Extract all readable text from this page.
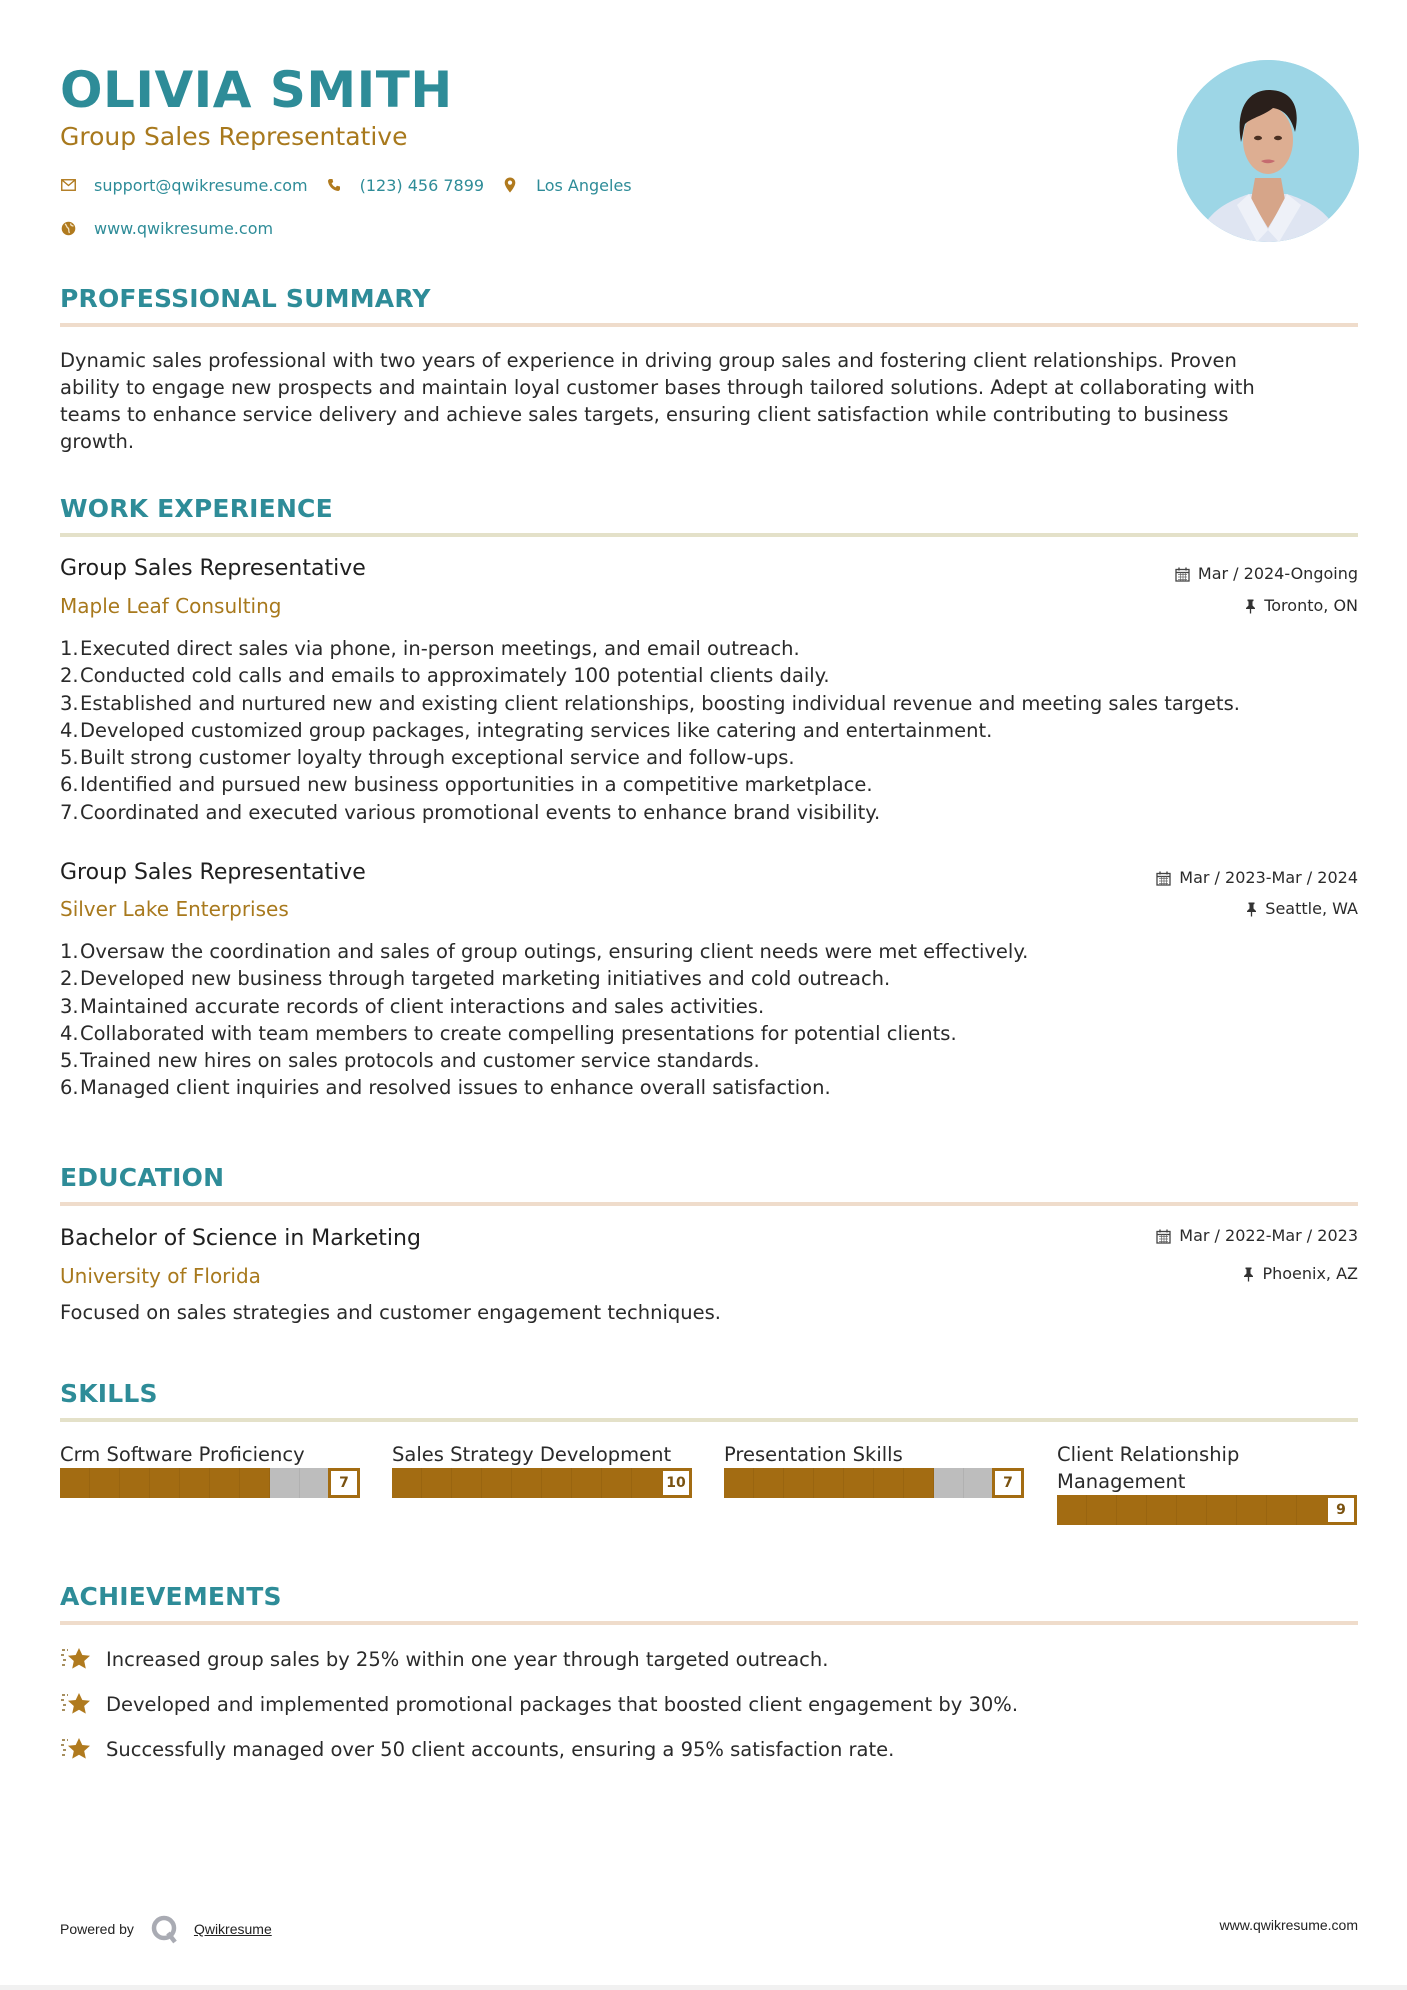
OLIVIA SMITH
Group Sales Representative
support@qwikresume.com	(123) 456 7899	Los Angeles
www.qwikresume.com
PROFESSIONAL SUMMARY
Dynamic sales professional with two years of experience in driving group sales and fostering client relationships. Proven
ability to engage new prospects and maintain loyal customer bases through tailored solutions. Adept at collaborating with
teams to enhance service delivery and achieve sales targets, ensuring client satisfaction while contributing to business
growth.
WORK EXPERIENCE
Group Sales Representative
Maple Leaf Consulting
Mar / 2024-Ongoing
Toronto, ON
1. Executed direct sales via phone, in-person meetings, and email outreach.
2. Conducted cold calls and emails to approximately 100 potential clients daily.
3. Established and nurtured new and existing client relationships, boosting individual revenue and meeting sales targets.
4. Developed customized group packages, integrating services like catering and entertainment.
5. Built strong customer loyalty through exceptional service and follow-ups.
6. Identified and pursued new business opportunities in a competitive marketplace.
7. Coordinated and executed various promotional events to enhance brand visibility.
Group Sales Representative
Silver Lake Enterprises
Mar / 2023-Mar / 2024
Seattle, WA
1. Oversaw the coordination and sales of group outings, ensuring client needs were met effectively.
2. Developed new business through targeted marketing initiatives and cold outreach.
3. Maintained accurate records of client interactions and sales activities.
4. Collaborated with team members to create compelling presentations for potential clients.
5. Trained new hires on sales protocols and customer service standards.
6. Managed client inquiries and resolved issues to enhance overall satisfaction.
EDUCATION
Bachelor of Science in Marketing
University of Florida
Mar / 2022-Mar / 2023
Phoenix, AZ
Focused on sales strategies and customer engagement techniques.
SKILLS
Crm Software Proficiency
7
Sales Strategy Development
10
Presentation Skills
7
Client Relationship Management
9
ACHIEVEMENTS
Increased group sales by 25% within one year through targeted outreach.
Developed and implemented promotional packages that boosted client engagement by 30%.
Successfully managed over 50 client accounts, ensuring a 95% satisfaction rate.
Powered by	Qwikresume	www.qwikresume.com
